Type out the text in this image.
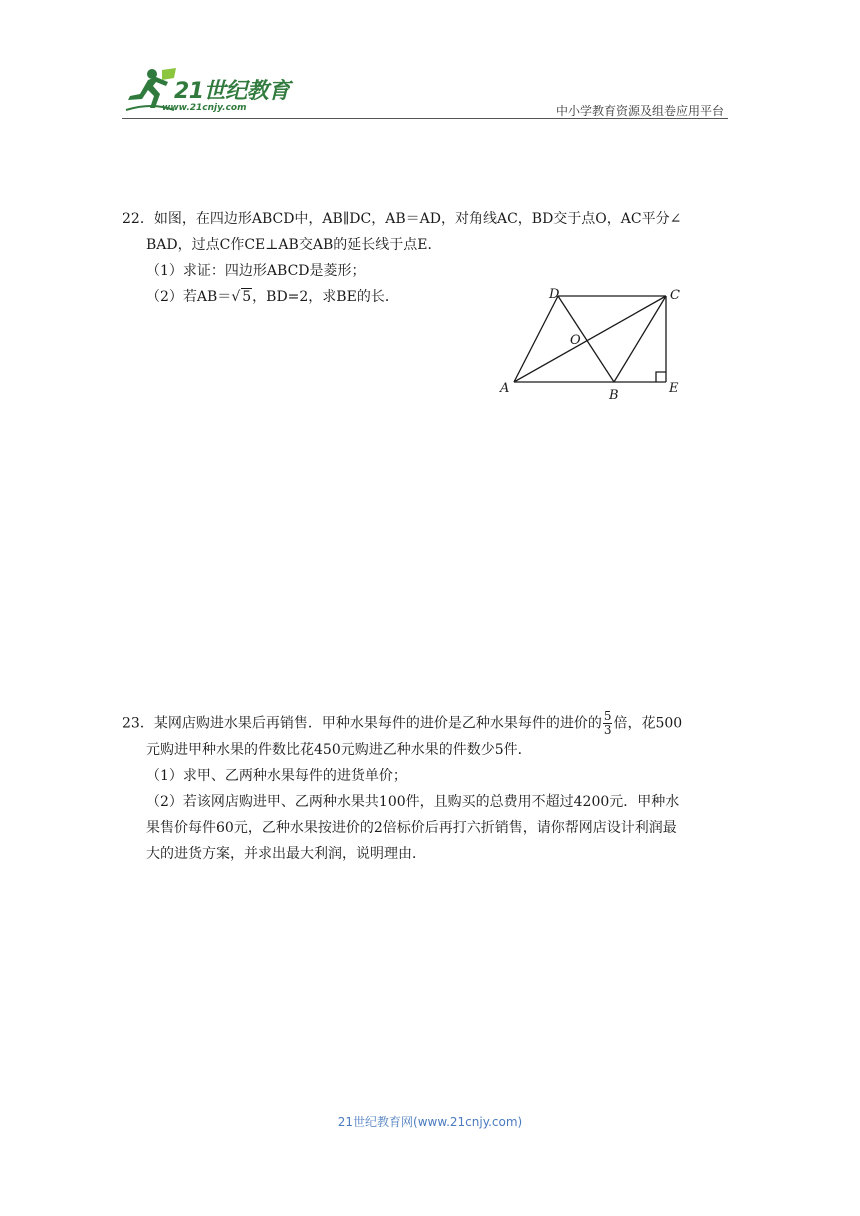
21世纪教育
www.21cnjy.com	中小学教育资源及组卷应用平台

22．如图，在四边形ABCD中，AB∥DC，AB＝AD，对角线AC，BD交于点O，AC平分∠

BAD，过点C作CE⊥AB交AB的延长线于点E．

（1）求证：四边形ABCD是菱形；

（2）若AB＝√ 5，BD=2，求BE的长．

A	B
C
D
E
O

23．某网店购进水果后再销售．甲种水果每件的进价是乙种水果每件的进价的 $\frac{5}{3}$ 倍，花500

元购进甲种水果的件数比花450元购进乙种水果的件数少5件．

（1）求甲、乙两种水果每件的进货单价；

（2）若该网店购进甲、乙两种水果共100件，且购买的总费用不超过4200元．甲种水

果售价每件60元，乙种水果按进价的2倍标价后再打六折销售，请你帮网店设计利润最

大的进货方案，并求出最大利润，说明理由．

21世纪教育网(www.21cnjy.com)
